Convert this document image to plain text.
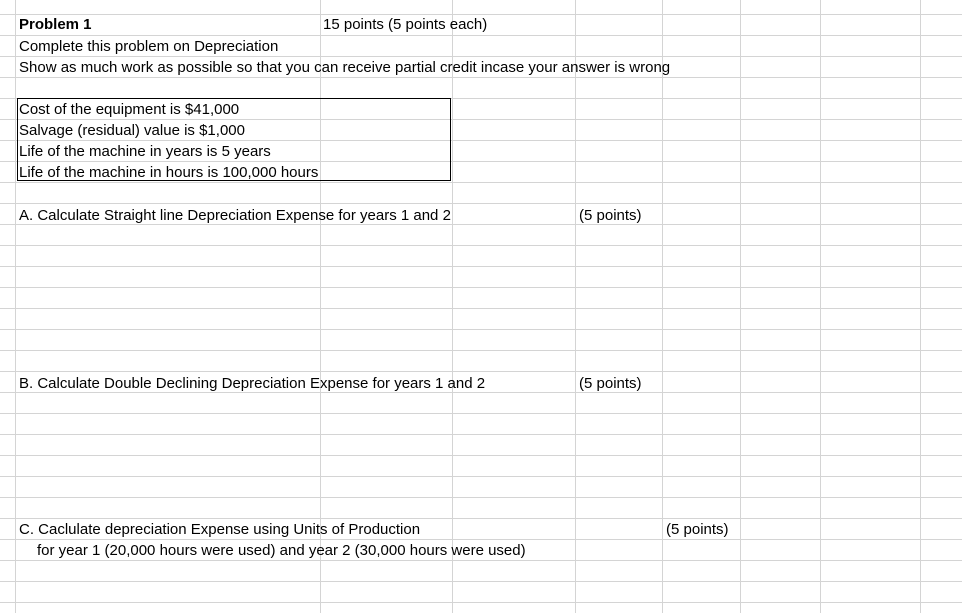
Problem 1	15 points (5 points each)
Complete this problem on Depreciation
Show as much work as possible so that you can receive partial credit incase your answer is wrong
Cost of the equipment is $41,000
Salvage (residual) value is $1,000
Life of the machine in years is 5 years
Life of the machine in hours is 100,000 hours
A. Calculate Straight line Depreciation Expense for years 1 and 2	(5 points)
B. Calculate Double Declining Depreciation Expense for years 1 and 2	(5 points)
C. Caclulate depreciation Expense using Units of Production	(5 points)
for year 1 (20,000 hours were used) and year 2 (30,000 hours were used)
